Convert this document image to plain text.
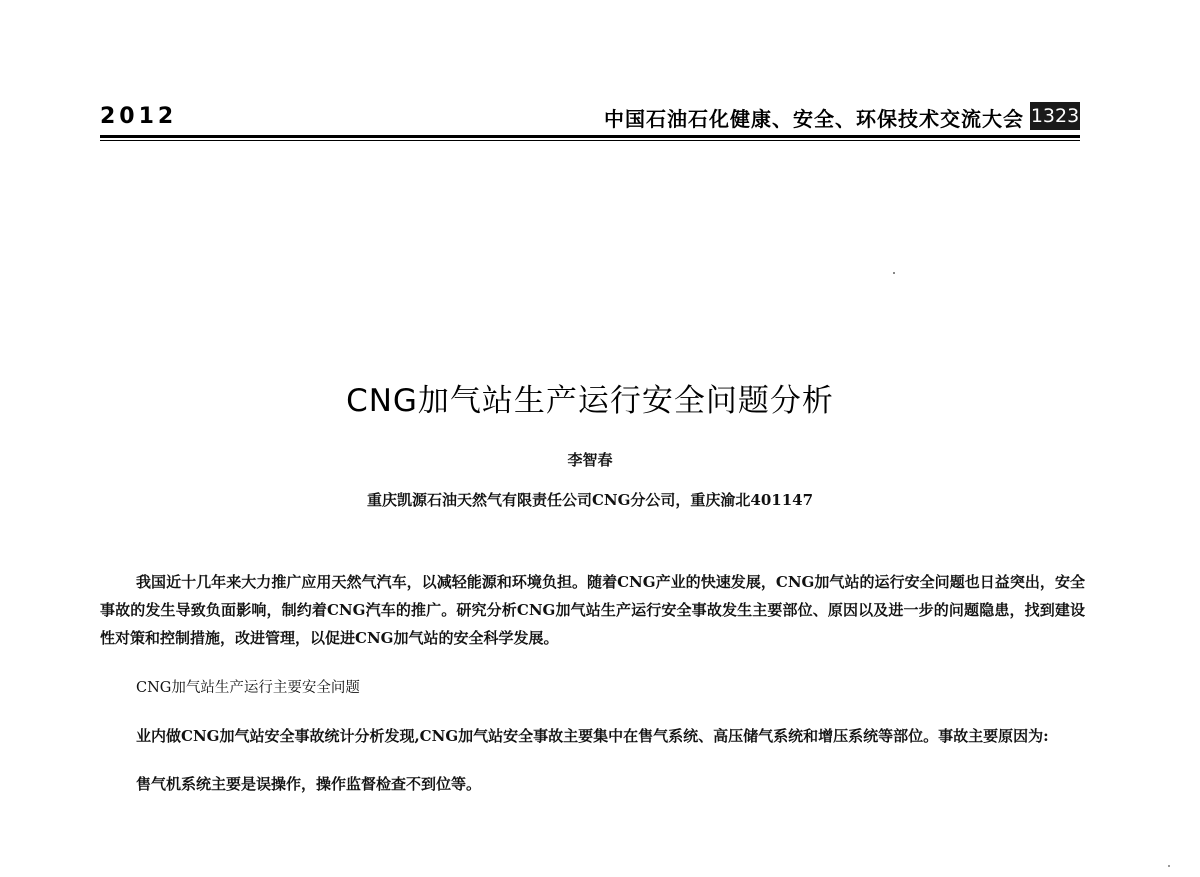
2012	中国石油石化健康、安全、环保技术交流大会 1323
CNG加气站生产运行安全问题分析
李智春
重庆凯源石油天然气有限责任公司CNG分公司，重庆渝北401147

我国近十几年来大力推广应用天然气汽车，以减轻能源和环境负担。随着CNG产业的快速发展，CNG加气站的运行安全问题也日益突出，安全事故的发生导致负面影响，制约着CNG汽车的推广。研究分析CNG加气站生产运行安全事故发生主要部位、原因以及进一步的问题隐患，找到建设性对策和控制措施，改进管理，以促进CNG加气站的安全科学发展。

CNG加气站生产运行主要安全问题

业内做CNG加气站安全事故统计分析发现,CNG加气站安全事故主要集中在售气系统、高压储气系统和增压系统等部位。事故主要原因为:

售气机系统主要是误操作，操作监督检查不到位等。
